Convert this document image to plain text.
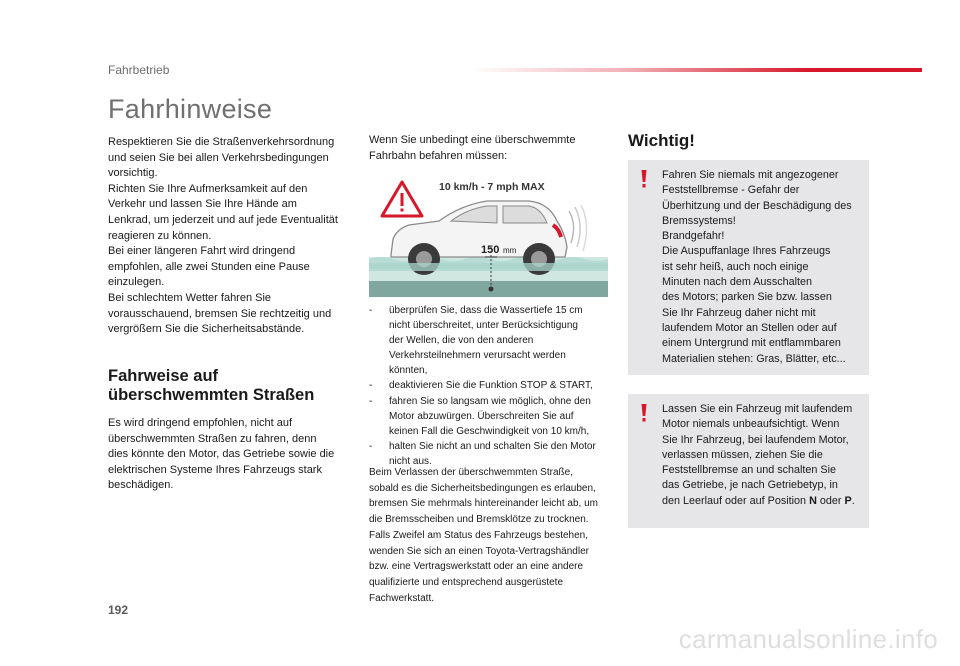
Fahrbetrieb
Fahrhinweise
Respektieren Sie die Straßenverkehrsordnung
und seien Sie bei allen Verkehrsbedingungen
vorsichtig.
Richten Sie Ihre Aufmerksamkeit auf den
Verkehr und lassen Sie Ihre Hände am
Lenkrad, um jederzeit und auf jede Eventualität
reagieren zu können.
Bei einer längeren Fahrt wird dringend
empfohlen, alle zwei Stunden eine Pause
einzulegen.
Bei schlechtem Wetter fahren Sie
vorausschauend, bremsen Sie rechtzeitig und
vergrößern Sie die Sicherheitsabstände.
Fahrweise auf
überschwemmten Straßen
Es wird dringend empfohlen, nicht auf
überschwemmten Straßen zu fahren, denn
dies könnte den Motor, das Getriebe sowie die
elektrischen Systeme Ihres Fahrzeugs stark
beschädigen.
Wenn Sie unbedingt eine überschwemmte
Fahrbahn befahren müssen:
10 km/h - 7 mph MAX
150 mm
- überprüfen Sie, dass die Wassertiefe 15 cm
nicht überschreitet, unter Berücksichtigung
der Wellen, die von den anderen
Verkehrsteilnehmern verursacht werden
könnten,
- deaktivieren Sie die Funktion STOP & START,
- fahren Sie so langsam wie möglich, ohne den
Motor abzuwürgen. Überschreiten Sie auf
keinen Fall die Geschwindigkeit von 10 km/h,
- halten Sie nicht an und schalten Sie den Motor
nicht aus.
Beim Verlassen der überschwemmten Straße,
sobald es die Sicherheitsbedingungen es erlauben,
bremsen Sie mehrmals hintereinander leicht ab, um
die Bremsscheiben und Bremsklötze zu trocknen.
Falls Zweifel am Status des Fahrzeugs bestehen,
wenden Sie sich an einen Toyota-Vertragshändler
bzw. eine Vertragswerkstatt oder an eine andere
qualifizierte und entsprechend ausgerüstete
Fachwerkstatt.
Wichtig!
Fahren Sie niemals mit angezogener
Feststellbremse - Gefahr der
Überhitzung und der Beschädigung des
Bremssystems!
Brandgefahr!
Die Auspuffanlage Ihres Fahrzeugs
ist sehr heiß, auch noch einige
Minuten nach dem Ausschalten
des Motors; parken Sie bzw. lassen
Sie Ihr Fahrzeug daher nicht mit
laufendem Motor an Stellen oder auf
einem Untergrund mit entflammbaren
Materialien stehen: Gras, Blätter, etc...
Lassen Sie ein Fahrzeug mit laufendem
Motor niemals unbeaufsichtigt. Wenn
Sie Ihr Fahrzeug, bei laufendem Motor,
verlassen müssen, ziehen Sie die
Feststellbremse an und schalten Sie
das Getriebe, je nach Getriebetyp, in
den Leerlauf oder auf Position N oder P.
192
carmanualsonline.info
